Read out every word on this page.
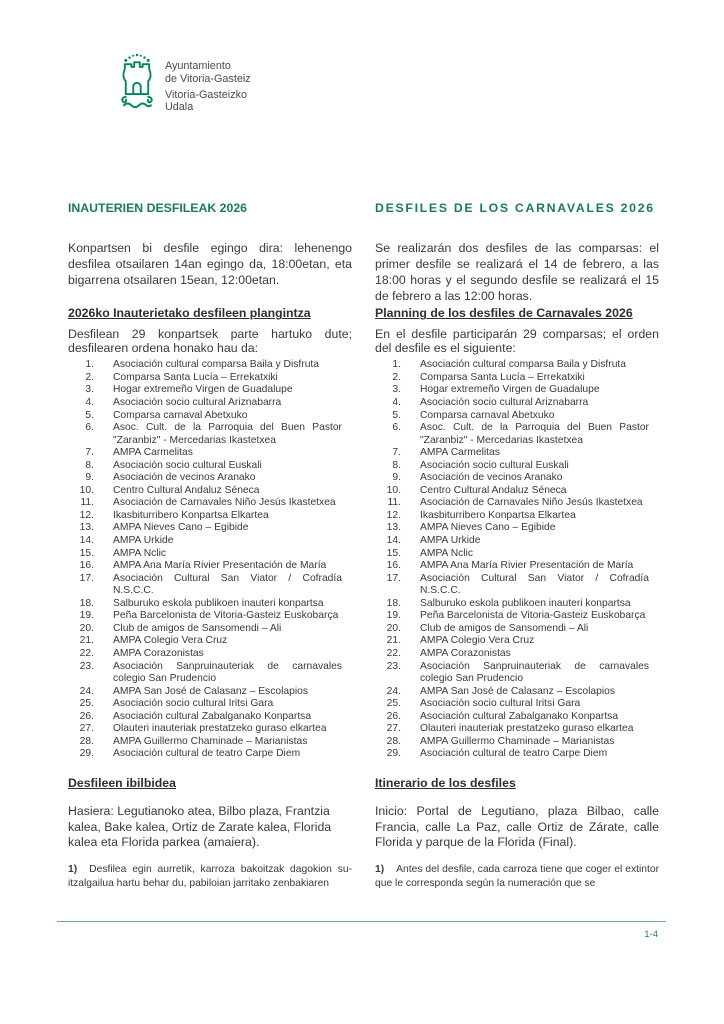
Ayuntamiento
de Vitoria-Gasteiz
Vitoria-Gasteizko
Udala
INAUTERIEN DESFILEAK 2026	DESFILES DE LOS CARNAVALES 2026
Konpartsen bi desfile egingo dira: lehenengo desfilea otsailaren 14an egingo da, 18:00etan, eta bigarrena otsailaren 15ean, 12:00etan.
Se realizarán dos desfiles de las comparsas: el primer desfile se realizará el 14 de febrero, a las 18:00 horas y el segundo desfile se realizará el 15 de febrero a las 12:00 horas.
2026ko Inauterietako desfileen plangintza	Planning de los desfiles de Carnavales 2026
Desfilean 29 konpartsek parte hartuko dute; desfilearen ordena honako hau da:
En el desfile participarán 29 comparsas; el orden del desfile es el siguiente:
1. Asociación cultural comparsa Baila y Disfruta
2. Comparsa Santa Lucía – Errekatxiki
3. Hogar extremeño Virgen de Guadalupe
4. Asociación socio cultural Ariznabarra
5. Comparsa carnaval Abetxuko
6. Asoc. Cult. de la Parroquia del Buen Pastor "Zaranbiz" - Mercedarias Ikastetxea
7. AMPA Carmelitas
8. Asociación socio cultural Euskali
9. Asociación de vecinos Aranako
10. Centro Cultural Andaluz Séneca
11. Asociación de Carnavales Niño Jesús Ikastetxea
12. Ikasbiturribero Konpartsa Elkartea
13. AMPA Nieves Cano – Egibide
14. AMPA Urkide
15. AMPA Nclic
16. AMPA Ana María Rivier Presentación de María
17. Asociación Cultural San Viator / Cofradía N.S.C.C.
18. Salburuko eskola publikoen inauteri konpartsa
19. Peña Barcelonista de Vitoria-Gasteiz Euskobarça
20. Club de amigos de Sansomendi – Ali
21. AMPA Colegio Vera Cruz
22. AMPA Corazonistas
23. Asociación Sanpruinauteriak de carnavales colegio San Prudencio
24. AMPA San José de Calasanz – Escolapios
25. Asociación socio cultural Iritsi Gara
26. Asociación cultural Zabalganako Konpartsa
27. Olauteri inauteriak prestatzeko guraso elkartea
28. AMPA Guillermo Chaminade – Marianistas
29. Asociación cultural de teatro Carpe Diem
1. Asociación cultural comparsa Baila y Disfruta
2. Comparsa Santa Lucía – Errekatxiki
3. Hogar extremeño Virgen de Guadalupe
4. Asociación socio cultural Ariznabarra
5. Comparsa carnaval Abetxuko
6. Asoc. Cult. de la Parroquia del Buen Pastor "Zaranbiz" - Mercedarias Ikastetxea
7. AMPA Carmelitas
8. Asociación socio cultural Euskali
9. Asociación de vecinos Aranako
10. Centro Cultural Andaluz Séneca
11. Asociación de Carnavales Niño Jesús Ikastetxea
12. Ikasbiturribero Konpartsa Elkartea
13. AMPA Nieves Cano – Egibide
14. AMPA Urkide
15. AMPA Nclic
16. AMPA Ana María Rivier Presentación de María
17. Asociación Cultural San Viator / Cofradía N.S.C.C.
18. Salburuko eskola publikoen inauteri konpartsa
19. Peña Barcelonista de Vitoria-Gasteiz Euskobarça
20. Club de amigos de Sansomendi – Ali
21. AMPA Colegio Vera Cruz
22. AMPA Corazonistas
23. Asociación Sanpruinauteriak de carnavales colegio San Prudencio
24. AMPA San José de Calasanz – Escolapios
25. Asociación socio cultural Iritsi Gara
26. Asociación cultural Zabalganako Konpartsa
27. Olauteri inauteriak prestatzeko guraso elkartea
28. AMPA Guillermo Chaminade – Marianistas
29. Asociación cultural de teatro Carpe Diem
Desfileen ibilbidea	Itinerario de los desfiles
Hasiera: Legutianoko atea, Bilbo plaza, Frantzia kalea, Bake kalea, Ortiz de Zarate kalea, Florida kalea eta Florida parkea (amaiera).
Inicio: Portal de Legutiano, plaza Bilbao, calle Francia, calle La Paz, calle Ortiz de Zárate, calle Florida y parque de la Florida (Final).
1) Desfilea egin aurretik, karroza bakoitzak dagokion su-itzalgailua hartu behar du, pabiloian jarritako zenbakiaren
1) Antes del desfile, cada carroza tiene que coger el extintor que le corresponda según la numeración que se
1-4
